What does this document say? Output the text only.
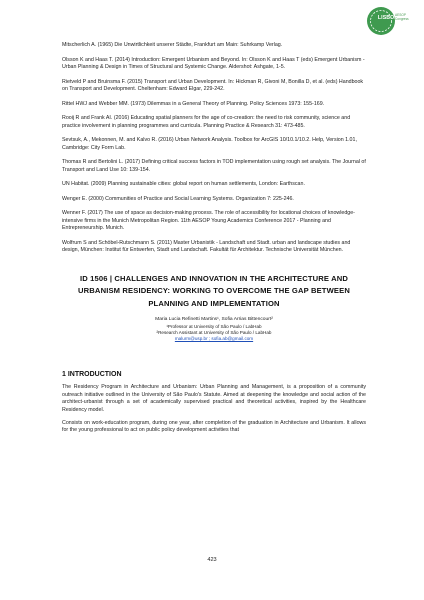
LISBON
AESOP Congress

Mitscherlich A. (1965) Die Unwirtlichkeit unserer Städte, Frankfurt am Main: Suhrkamp Verlag.

Olsson K and Haas T. (2014) Introduction: Emergent Urbanism and Beyond. In: Olsson K and Haas T (eds) Emergent Urbanism - Urban Planning & Design in Times of Structural and Systemic Change. Aldershot: Ashgate, 1-5.

Rietveld P and Bruinsma F. (2015) Transport and Urban Development. In: Hickman R, Givoni M, Bonilla D, et al. (eds) Handbook on Transport and Development. Cheltenham: Edward Elgar, 229-242.

Rittel HWJ and Webber MM. (1973) Dilemmas in a General Theory of Planning. Policy Sciences 1973: 155-169.

Rooij R and Frank AI. (2016) Educating spatial planners for the age of co-creation: the need to risk community, science and practice involvement in planning programmes and curricula. Planning Practice & Research 31: 473-485.

Sevtsuk, A., Mekonnen, M. and Kalvo R. (2016) Urban Network Analysis. Toolbox for ArcGIS 10/10.1/10.2. Help, Version 1.01, Cambridge: City Form Lab.

Thomas R and Bertolini L. (2017) Defining critical success factors in TOD implementation using rough set analysis. The Journal of Transport and Land Use 10: 139-154.

UN Habitat. (2009) Planning sustainable cities: global report on human settlements, London: Earthscan.

Wenger E. (2000) Communities of Practice and Social Learning Systems. Organization 7: 225-246.

Wenner F. (2017) The use of space as decision-making process. The role of accessibility for locational choices of knowledge-intensive firms in the Munich Metropolitan Region. 11th AESOP Young Academics Conference 2017 - Planning and Entrepreneurship. Munich.

Wolfrum S and Schöbel-Rutschmann S. (2011) Master Urbanistik - Landschaft und Stadt. urban and landscape studies and design, München: Institut für Entwerfen, Stadt und Landschaft. Fakultät für Architektur. Technische Universität München.

ID 1506 | CHALLENGES AND INNOVATION IN THE ARCHITECTURE AND URBANISM RESIDENCY: WORKING TO OVERCOME THE GAP BETWEEN PLANNING AND IMPLEMENTATION
Maria Lucia Refinetti Martins¹, Sofia Arrias Bittencourt²
¹Professor at University of São Paulo / LabHab
²Research Assistant at University of São Paulo / LabHab
malurm@usp.br ; sofia.ab@gmail.com
1 INTRODUCTION

The Residency Program in Architecture and Urbanism: Urban Planning and Management, is a proposition of a community outreach initiative outlined in the University of São Paulo's Statute. Aimed at deepening the knowledge and social action of the architect-urbanist through a set of academically supervised practical and theoretical activities, inspired by the Healthcare Residency model.

Consists on work-education program, during one year, after completion of the graduation in Architecture and Urbanism. It allows for the young professional to act on public policy development activities that

423
